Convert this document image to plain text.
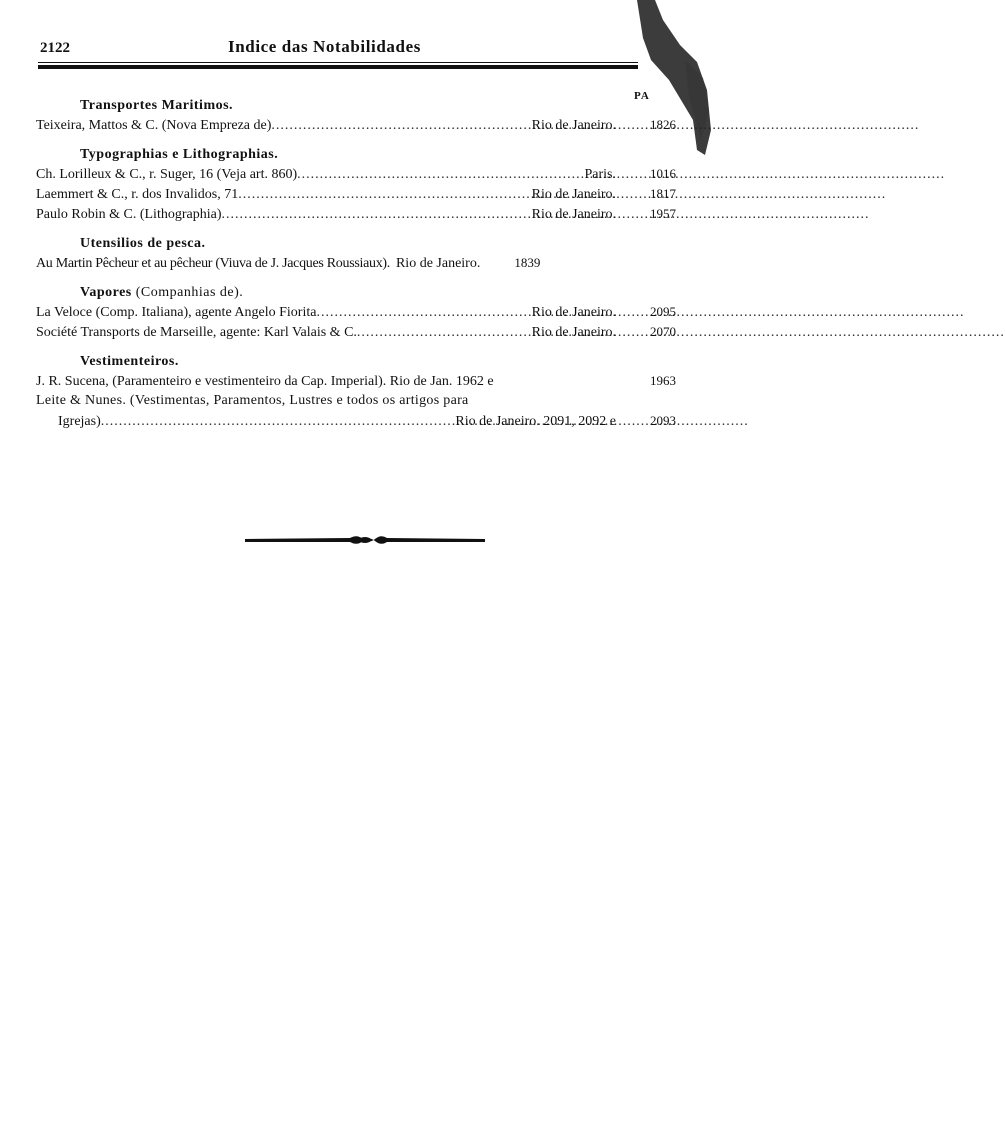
2122	Indice das Notabilidades
PA
Transportes Maritimos.
Teixeira, Mattos & C. (Nova Empreza de) .....	Rio de Janeiro.	1826
Typographias e Lithographias.
Ch. Lorilleux & C., r. Suger, 16 (Veja art. 860) .....	Paris.	1016
Laemmert & C., r. dos Invalidos, 71 .....	Rio de Janeiro.	1817
Paulo Robin & C. (Lithographia) .....	Rio de Janeiro.	1957
Utensilios de pesca.
Au Martin Pêcheur et au pêcheur (Viuva de J. Jacques Roussiaux). Rio de Janeiro.	1839
Vapores (Companhias de).
La Veloce (Comp. Italiana), agente Angelo Fiorita .....	Rio de Janeiro.	2095
Société Transports de Marseille, agente: Karl Valais & C. .....	Rio de Janeiro.	2070
Vestimenteiros.
J. R. Sucena, (Paramenteiro e vestimenteiro da Cap. Imperial). Rio de Jan. 1962 e	1963
Leite & Nunes. (Vestimentas, Paramentos, Lustres e todos os artigos para
Igrejas) .....	Rio de Janeiro. 2091, 2092 e	2093
